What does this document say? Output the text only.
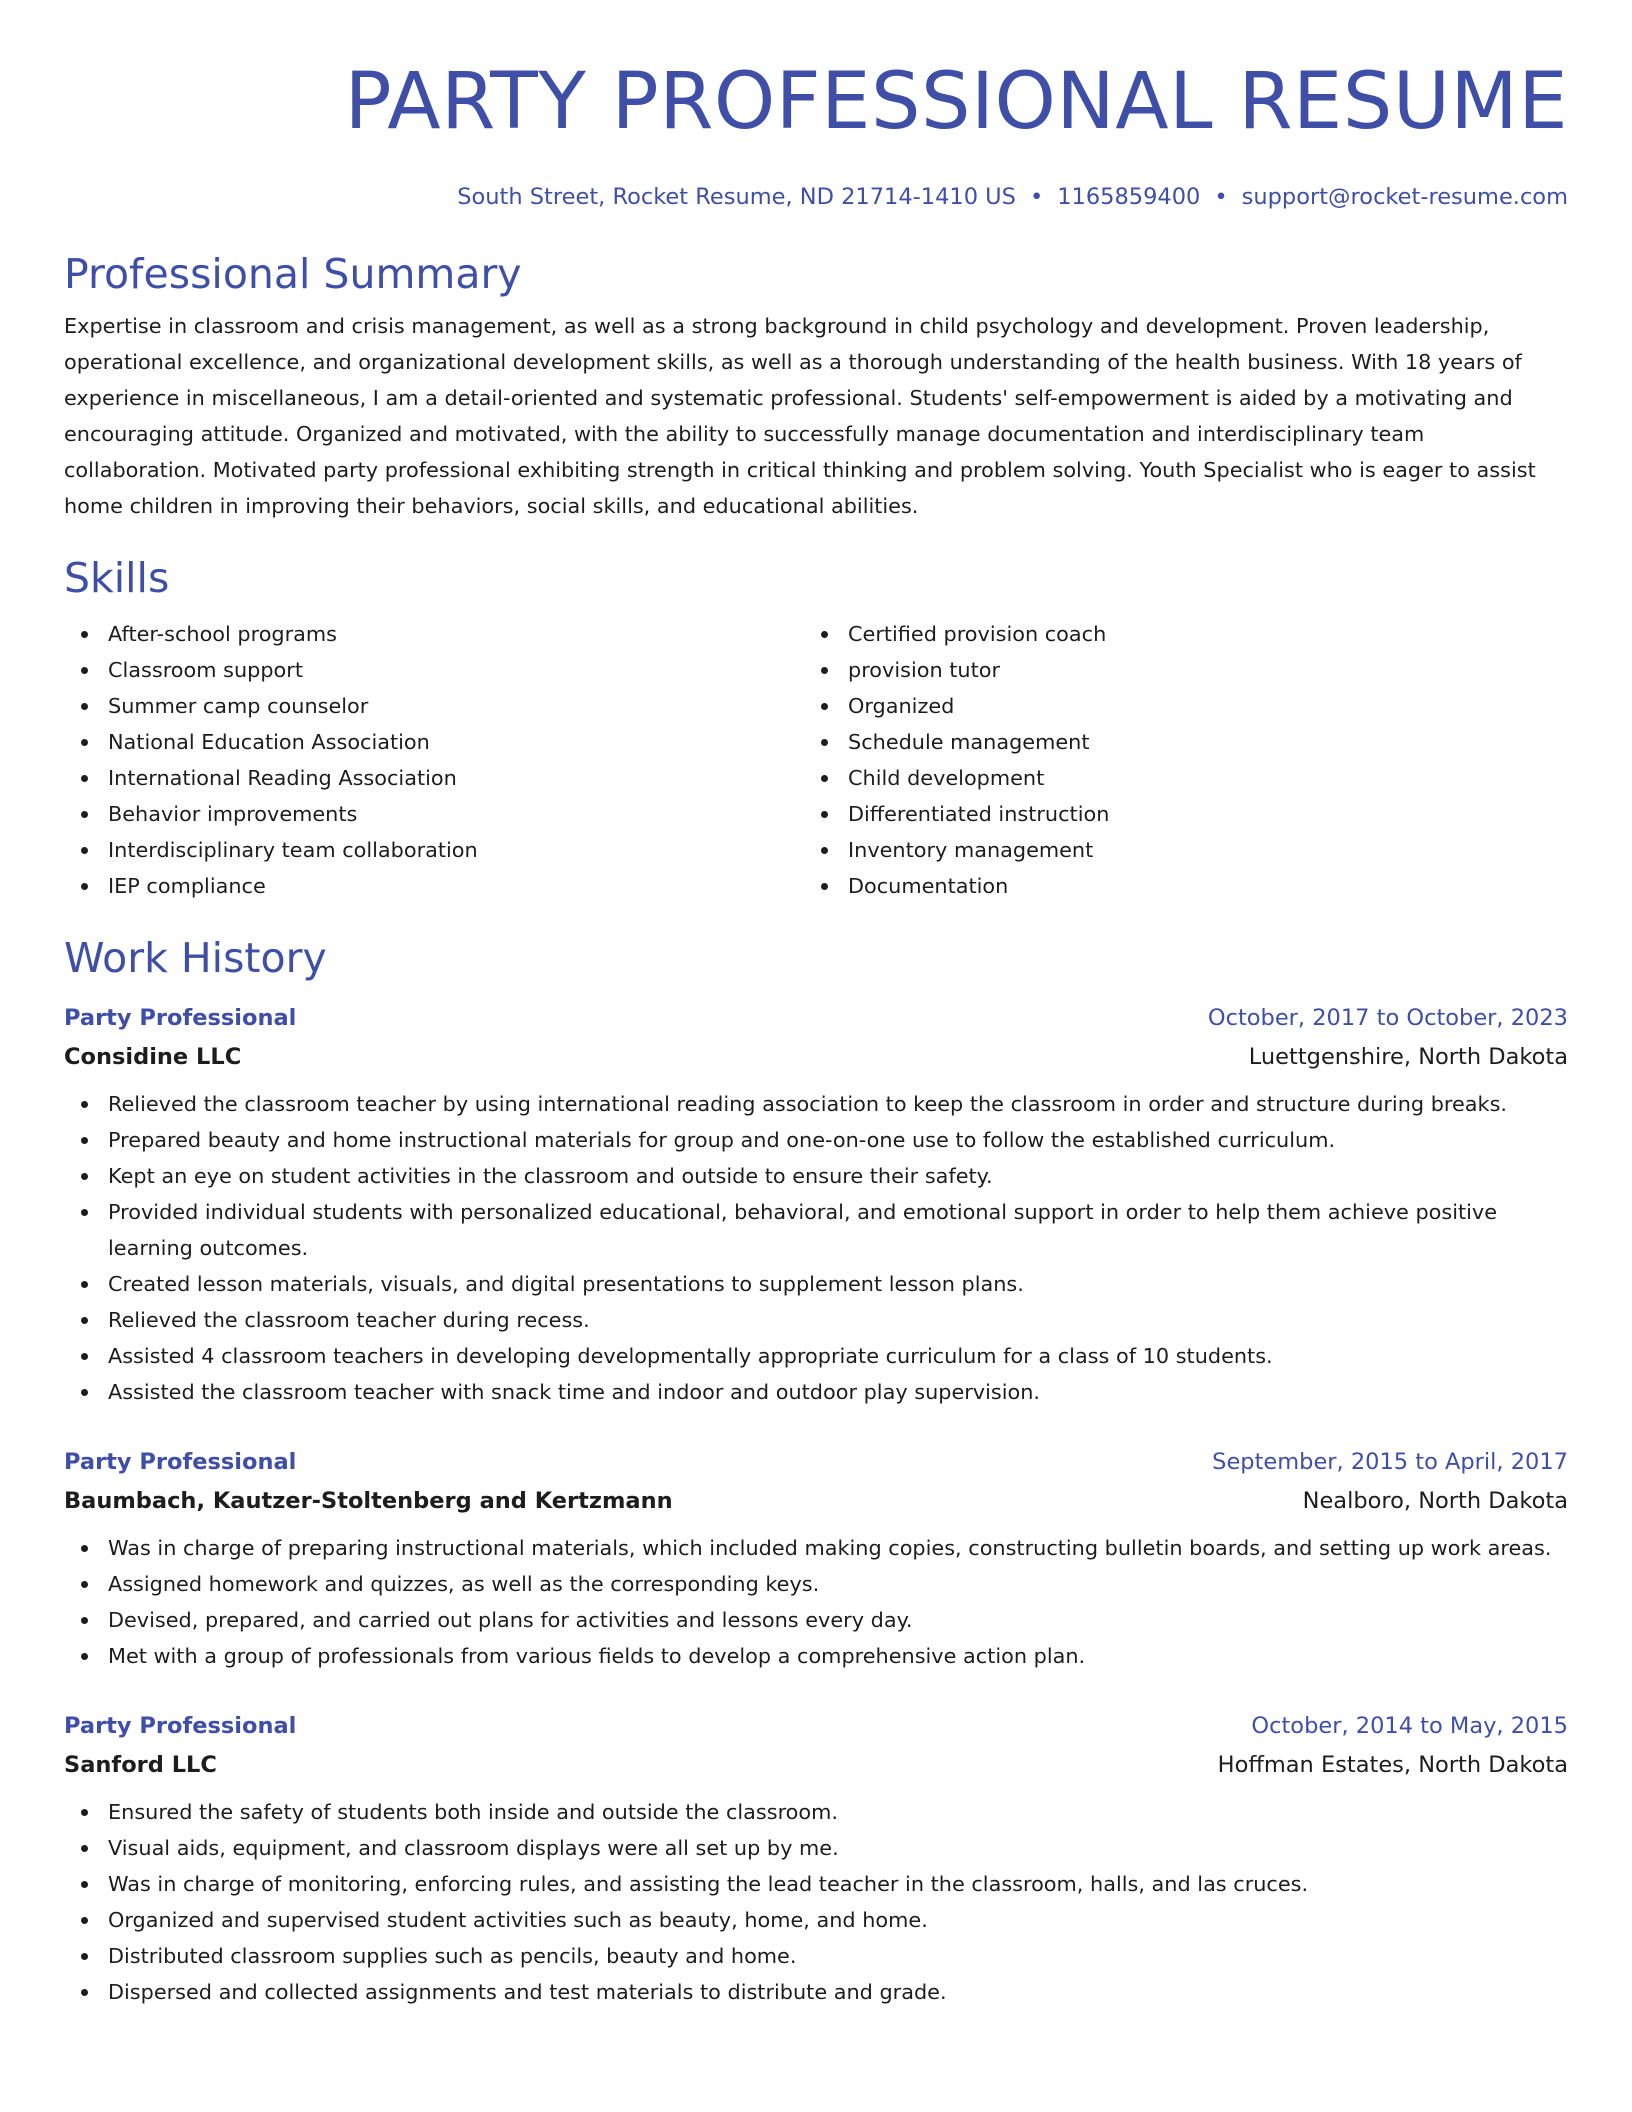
PARTY PROFESSIONAL RESUME
South Street, Rocket Resume, ND 21714-1410 US • 1165859400 • support@rocket-resume.com
Professional Summary
Expertise in classroom and crisis management, as well as a strong background in child psychology and development. Proven leadership, operational excellence, and organizational development skills, as well as a thorough understanding of the health business. With 18 years of experience in miscellaneous, I am a detail-oriented and systematic professional. Students' self-empowerment is aided by a motivating and encouraging attitude. Organized and motivated, with the ability to successfully manage documentation and interdisciplinary team collaboration. Motivated party professional exhibiting strength in critical thinking and problem solving. Youth Specialist who is eager to assist home children in improving their behaviors, social skills, and educational abilities.
Skills
After-school programs
Classroom support
Summer camp counselor
National Education Association
International Reading Association
Behavior improvements
Interdisciplinary team collaboration
IEP compliance
Certified provision coach
provision tutor
Organized
Schedule management
Child development
Differentiated instruction
Inventory management
Documentation
Work History
Party Professional	October, 2017 to October, 2023
Considine LLC	Luettgenshire, North Dakota
Relieved the classroom teacher by using international reading association to keep the classroom in order and structure during breaks.
Prepared beauty and home instructional materials for group and one-on-one use to follow the established curriculum.
Kept an eye on student activities in the classroom and outside to ensure their safety.
Provided individual students with personalized educational, behavioral, and emotional support in order to help them achieve positive learning outcomes.
Created lesson materials, visuals, and digital presentations to supplement lesson plans.
Relieved the classroom teacher during recess.
Assisted 4 classroom teachers in developing developmentally appropriate curriculum for a class of 10 students.
Assisted the classroom teacher with snack time and indoor and outdoor play supervision.
Party Professional	September, 2015 to April, 2017
Baumbach, Kautzer-Stoltenberg and Kertzmann	Nealboro, North Dakota
Was in charge of preparing instructional materials, which included making copies, constructing bulletin boards, and setting up work areas.
Assigned homework and quizzes, as well as the corresponding keys.
Devised, prepared, and carried out plans for activities and lessons every day.
Met with a group of professionals from various fields to develop a comprehensive action plan.
Party Professional	October, 2014 to May, 2015
Sanford LLC	Hoffman Estates, North Dakota
Ensured the safety of students both inside and outside the classroom.
Visual aids, equipment, and classroom displays were all set up by me.
Was in charge of monitoring, enforcing rules, and assisting the lead teacher in the classroom, halls, and las cruces.
Organized and supervised student activities such as beauty, home, and home.
Distributed classroom supplies such as pencils, beauty and home.
Dispersed and collected assignments and test materials to distribute and grade.
